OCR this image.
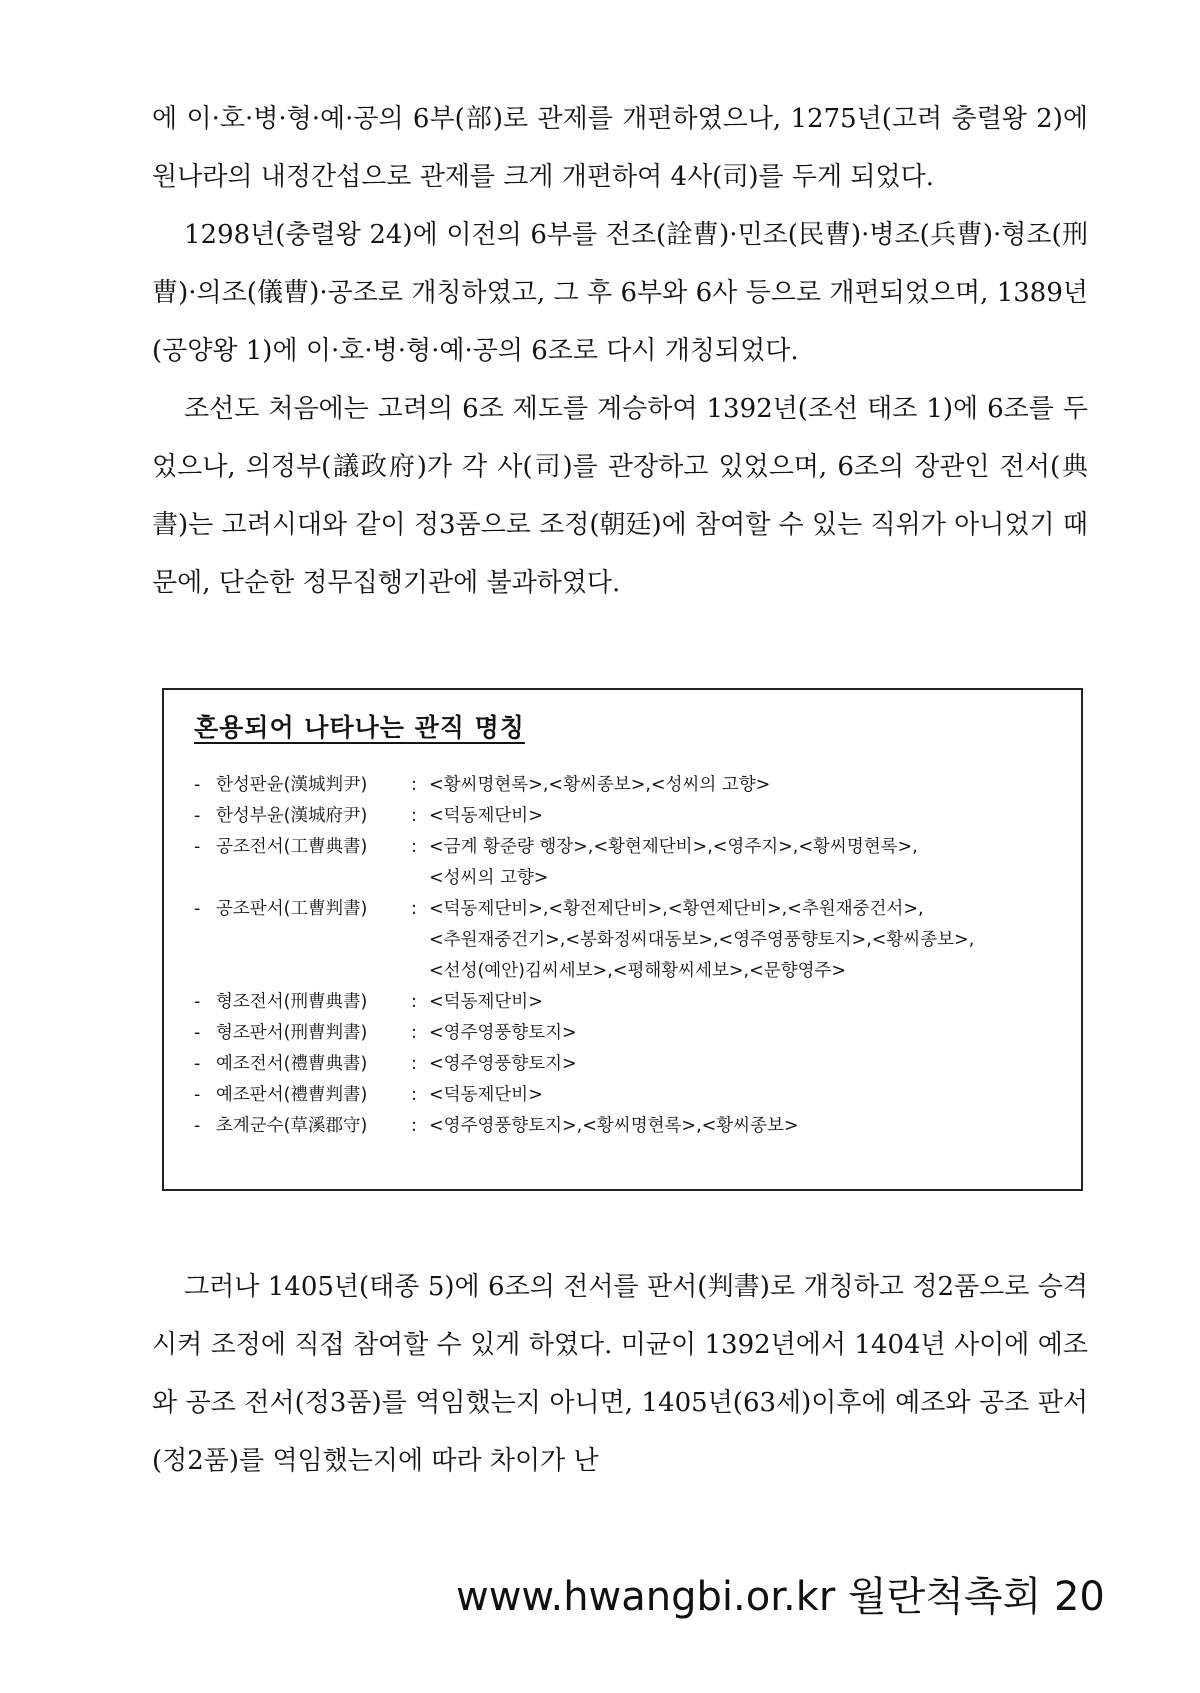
에 이·호·병·형·예·공의 6부(部)로 관제를 개편하였으나, 1275년(고려 충렬왕 2)에 원나라의 내정간섭으로 관제를 크게 개편하여 4사(司)를 두게 되었다.

1298년(충렬왕 24)에 이전의 6부를 전조(詮曹)·민조(民曹)·병조(兵曹)·형조(刑曹)·의조(儀曹)·공조로 개칭하였고, 그 후 6부와 6사 등으로 개편되었으며, 1389년(공양왕 1)에 이·호·병·형·예·공의 6조로 다시 개칭되었다.

조선도 처음에는 고려의 6조 제도를 계승하여 1392년(조선 태조 1)에 6조를 두었으나, 의정부(議政府)가 각 사(司)를 관장하고 있었으며, 6조의 장관인 전서(典書)는 고려시대와 같이 정3품으로 조정(朝廷)에 참여할 수 있는 직위가 아니었기 때문에, 단순한 정무집행기관에 불과하였다.

혼용되어 나타나는 관직 명칭
- 한성판윤(漢城判尹)	: <황씨명현록>,<황씨종보>,<성씨의 고향>
- 한성부윤(漢城府尹)	: <덕동제단비>
- 공조전서(工曹典書)	: <금계 황준량 행장>,<황현제단비>,<영주지>,<황씨명현록>,
<성씨의 고향>
- 공조판서(工曹判書)	: <덕동제단비>,<황전제단비>,<황연제단비>,<추원재중건서>,
<추원재중건기>,<봉화정씨대동보>,<영주영풍향토지>,<황씨종보>,
<선성(예안)김씨세보>,<평해황씨세보>,<문향영주>
- 형조전서(刑曹典書)	: <덕동제단비>
- 형조판서(刑曹判書)	: <영주영풍향토지>
- 예조전서(禮曹典書)	: <영주영풍향토지>
- 예조판서(禮曹判書)	: <덕동제단비>
- 초계군수(草溪郡守)	: <영주영풍향토지>,<황씨명현록>,<황씨종보>

그러나 1405년(태종 5)에 6조의 전서를 판서(判書)로 개칭하고 정2품으로 승격시켜 조정에 직접 참여할 수 있게 하였다. 미균이 1392년에서 1404년 사이에 예조와 공조 전서(정3품)를 역임했는지 아니면, 1405년(63세)이후에 예조와 공조 판서(정2품)를 역임했는지에 따라 차이가 난

www.hwangbi.or.kr 월란척촉회 20
